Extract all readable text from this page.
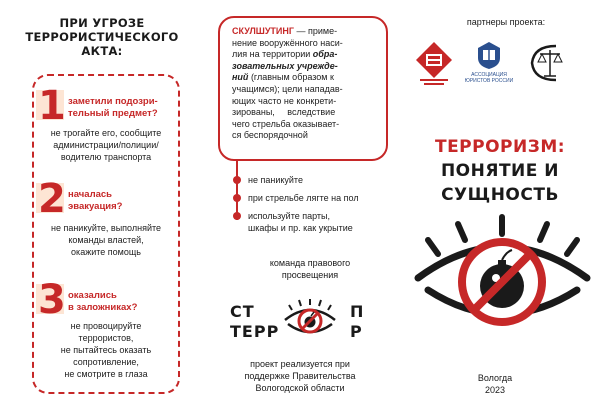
ПРИ УГРОЗЕ
ТЕРРОРИСТИЧЕСКОГО
АКТА:
1 заметили подозри-
тельный предмет?
не трогайте его, сообщите
администрации/полиции/
водителю транспорта
2 началась
эвакуация?
не паникуйте, выполняйте
команды властей,
окажите помощь
3 оказались
в заложниках?
не провоцируйте
террористов,
не пытайтесь оказать
сопротивление,
не смотрите в глаза
СКУЛШУТИНГ — приме-
нение вооружённого наси-
лия на территории обра-
зовательных учрежде-
ний (главным образом к
учащимся); цели нападав-
ющих часто не конкрети-
зированы,     вследствие
чего стрельба оказывает-
ся беспорядочной
не паникуйте
при стрельбе лягте на пол
используйте парты,
шкафы и пр. как укрытие
команда правового
просвещения
СТ
ТЕРР
П
Р
проект реализуется при
поддержке Правительства
Вологодской области
партнеры проекта:
АССОЦИАЦИЯ
ЮРИСТОВ РОССИИ
ТЕРРОРИЗМ:
ПОНЯТИЕ И
СУЩНОСТЬ
Вологда
2023
